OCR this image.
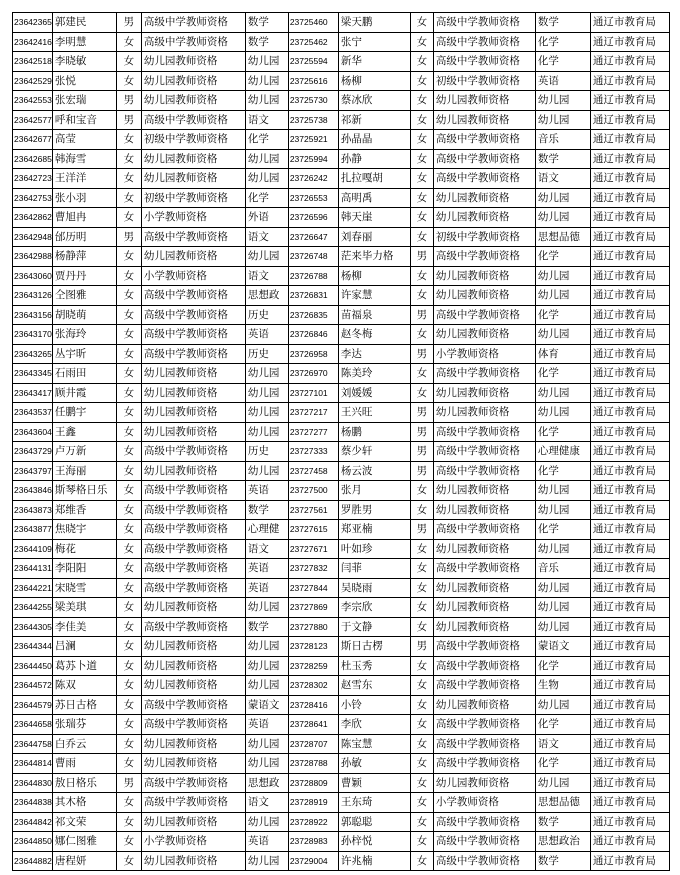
23642365	郭建民	男	高级中学教师资格	数学	23725460	梁天鹏	女	高级中学教师资格	数学	通辽市教育局
23642416	李明慧	女	高级中学教师资格	数学	23725462	张宁	女	高级中学教师资格	化学	通辽市教育局
23642518	李晓敏	女	幼儿园教师资格	幼儿园	23725594	新华	女	高级中学教师资格	化学	通辽市教育局
23642529	张悦	女	幼儿园教师资格	幼儿园	23725616	杨柳	女	初级中学教师资格	英语	通辽市教育局
23642553	张宏瑞	男	幼儿园教师资格	幼儿园	23725730	蔡冰欣	女	幼儿园教师资格	幼儿园	通辽市教育局
23642577	呼和宝音	男	高级中学教师资格	语文	23725738	祁新	女	幼儿园教师资格	幼儿园	通辽市教育局
23642677	高莹	女	初级中学教师资格	化学	23725921	孙晶晶	女	高级中学教师资格	音乐	通辽市教育局
23642685	韩海雪	女	幼儿园教师资格	幼儿园	23725994	孙静	女	高级中学教师资格	数学	通辽市教育局
23642723	王洋洋	女	幼儿园教师资格	幼儿园	23726242	扎拉嘎胡	女	高级中学教师资格	语文	通辽市教育局
23642753	张小羽	女	初级中学教师资格	化学	23726553	高明禹	女	幼儿园教师资格	幼儿园	通辽市教育局
23642862	曹旭冉	女	小学教师资格	外语	23726596	韩天崖	女	幼儿园教师资格	幼儿园	通辽市教育局
23642948	邰历明	男	高级中学教师资格	语文	23726647	刘春丽	女	初级中学教师资格	思想品德	通辽市教育局
23642988	杨静萍	女	幼儿园教师资格	幼儿园	23726748	茫来毕力格	男	高级中学教师资格	化学	通辽市教育局
23643060	贾丹丹	女	小学教师资格	语文	23726788	杨柳	女	幼儿园教师资格	幼儿园	通辽市教育局
23643126	仝图雅	女	高级中学教师资格	思想政	23726831	许家慧	女	幼儿园教师资格	幼儿园	通辽市教育局
23643156	胡晓萌	女	高级中学教师资格	历史	23726835	苗福泉	男	高级中学教师资格	化学	通辽市教育局
23643170	张海玲	女	高级中学教师资格	英语	23726846	赵冬梅	女	幼儿园教师资格	幼儿园	通辽市教育局
23643265	丛宇昕	女	高级中学教师资格	历史	23726958	李达	男	小学教师资格	体育	通辽市教育局
23643345	石雨田	女	幼儿园教师资格	幼儿园	23726970	陈美玲	女	高级中学教师资格	化学	通辽市教育局
23643417	顾井霞	女	幼儿园教师资格	幼儿园	23727101	刘媛媛	女	幼儿园教师资格	幼儿园	通辽市教育局
23643537	任鹏宇	女	幼儿园教师资格	幼儿园	23727217	王兴旺	男	幼儿园教师资格	幼儿园	通辽市教育局
23643604	王鑫	女	幼儿园教师资格	幼儿园	23727277	杨鹏	男	高级中学教师资格	化学	通辽市教育局
23643729	卢万新	女	高级中学教师资格	历史	23727333	蔡少轩	男	高级中学教师资格	心理健康	通辽市教育局
23643797	王海丽	女	幼儿园教师资格	幼儿园	23727458	杨云波	男	高级中学教师资格	化学	通辽市教育局
23643846	斯琴格日乐	女	高级中学教师资格	英语	23727500	张月	女	幼儿园教师资格	幼儿园	通辽市教育局
23643873	郑维香	女	高级中学教师资格	数学	23727561	罗胜男	女	幼儿园教师资格	幼儿园	通辽市教育局
23643877	焦晓宇	女	高级中学教师资格	心理健	23727615	郑亚楠	男	高级中学教师资格	化学	通辽市教育局
23644109	梅花	女	高级中学教师资格	语文	23727671	叶如珍	女	幼儿园教师资格	幼儿园	通辽市教育局
23644131	李阳阳	女	高级中学教师资格	英语	23727832	闫菲	女	高级中学教师资格	音乐	通辽市教育局
23644221	宋晓雪	女	高级中学教师资格	英语	23727844	吴晓雨	女	幼儿园教师资格	幼儿园	通辽市教育局
23644255	梁美琪	女	幼儿园教师资格	幼儿园	23727869	李宗欣	女	幼儿园教师资格	幼儿园	通辽市教育局
23644305	李佳美	女	高级中学教师资格	数学	23727880	于文静	女	幼儿园教师资格	幼儿园	通辽市教育局
23644344	吕澜	女	幼儿园教师资格	幼儿园	23728123	斯日古楞	男	高级中学教师资格	蒙语文	通辽市教育局
23644450	葛苏卜道	女	幼儿园教师资格	幼儿园	23728259	杜玉秀	女	高级中学教师资格	化学	通辽市教育局
23644572	陈双	女	幼儿园教师资格	幼儿园	23728302	赵雪东	女	高级中学教师资格	生物	通辽市教育局
23644579	苏日古格	女	高级中学教师资格	蒙语文	23728416	小铃	女	幼儿园教师资格	幼儿园	通辽市教育局
23644658	张瑞芬	女	高级中学教师资格	英语	23728641	李欣	女	高级中学教师资格	化学	通辽市教育局
23644758	白乔云	女	幼儿园教师资格	幼儿园	23728707	陈宝慧	女	高级中学教师资格	语文	通辽市教育局
23644814	曹雨	女	幼儿园教师资格	幼儿园	23728788	孙敏	女	高级中学教师资格	化学	通辽市教育局
23644830	敖日格乐	男	高级中学教师资格	思想政	23728809	曹颖	女	幼儿园教师资格	幼儿园	通辽市教育局
23644838	其木格	女	高级中学教师资格	语文	23728919	王东琦	女	小学教师资格	思想品德	通辽市教育局
23644842	祁文荣	女	幼儿园教师资格	幼儿园	23728922	郭聪聪	女	高级中学教师资格	数学	通辽市教育局
23644850	娜仁图雅	女	小学教师资格	英语	23728983	孙梓悦	女	高级中学教师资格	思想政治	通辽市教育局
23644882	唐程妍	女	幼儿园教师资格	幼儿园	23729004	许兆楠	女	高级中学教师资格	数学	通辽市教育局
